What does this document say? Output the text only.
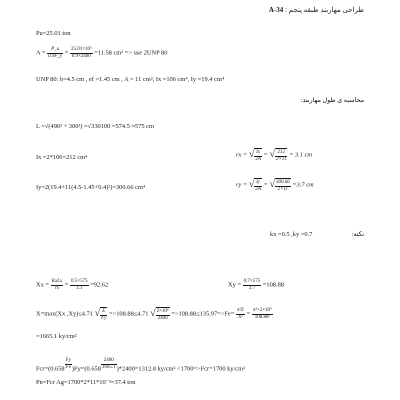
طراحی مهاربند طبقه پنجم : A-34
Pu=25.01 ton
$A = \frac{P\_u}{0.9F\_y} = \frac{\text{25.01×10³}}{0.9\times 2400} =11.58$ cm² => use 2UNP 80
UNP 80: b=4.5 cm , ef =1.45 cm , A = 11 cm², Ix =106 cm⁴, Iy =19.4 cm⁴
محاسبه ی طول مهاربند:
L =√(490² + 300²) =√330100 =574.5 ≈575 cm
Ix =2*106=212 cm⁴	rx = √ $\frac{Ix}{2A}$ = √ $\frac{212}{2\times 11} = 3.1$ cm
Iy=2(19.4+11(4.5-1.45+0.4)²)=300.66 cm⁴	ry = √ $\frac{Iy}{2A}$ = √ $\frac{300.66}{2\times 11} =3.7$ cm
kx =0.5 ,ky =0.7	نکته:
$Xx = \frac{\text{KxLx}}{rx} = \frac{0.5\times 575}{3.1} =92.62$	$Xy = \frac{0.7\times 575}{3.7} =108.88$
X=max(Xx ,Xy)≤4.71 √ $\frac{E}{Fy} =>108.88\le 4.71$ √ $\frac{\text{2×10⁶}}{2400} =>108.88\le 135.97=>Fe= \frac{\text{π²E}}{\text{X²}} = \frac{\text{π²×2×10⁶}}{\text{108.88²}}$
=1665.1 ky/cm²
$Fcr=(0.658 \frac{Fy}{Fe} )Fy=(0.658 \frac{2400}{1665.1} )*2400=1312.8$ ky/cm² <1700=>Fcr=1700 ky/cm²
Pn=Fcr Ag=1700*2*11*10⁻³=37.4 ton
